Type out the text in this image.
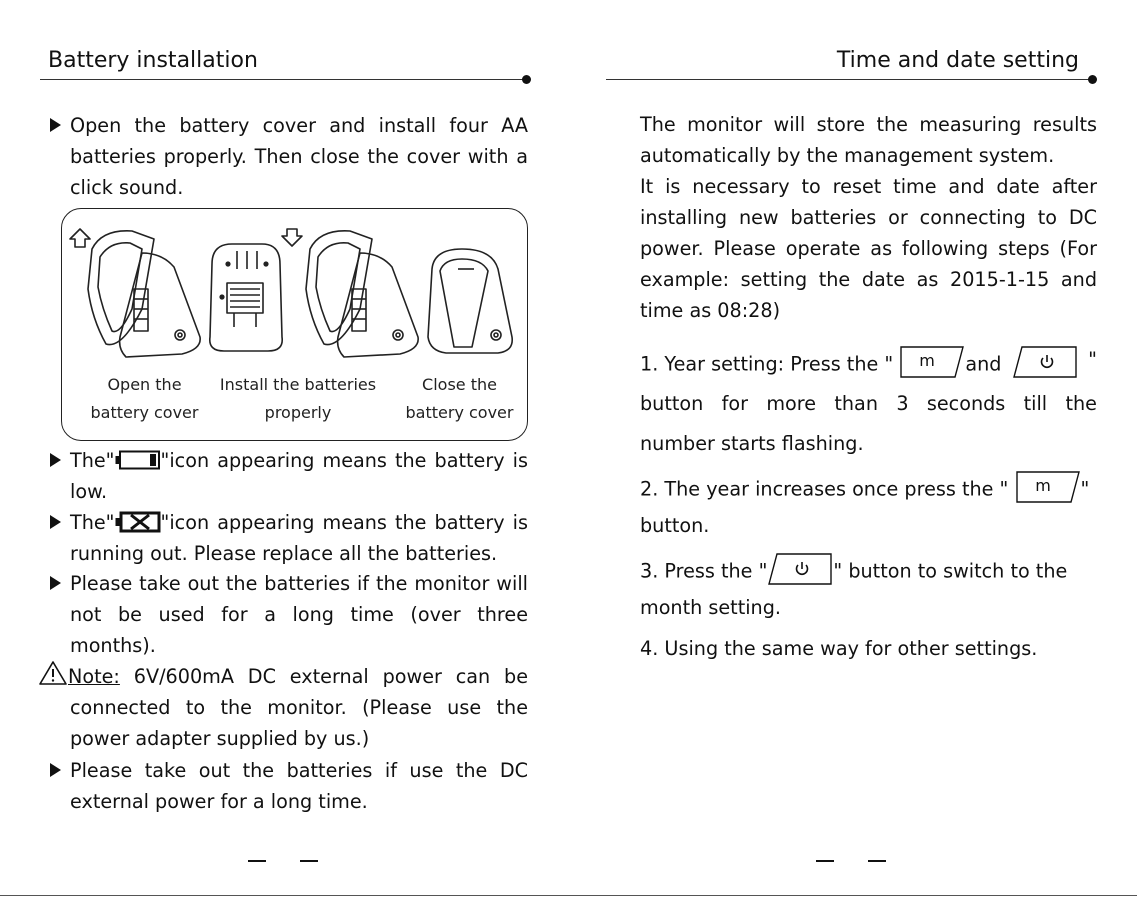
Battery installation
Open the battery cover and install four AA batteries properly. Then close the cover with a click sound.
Open the
battery cover
Install the batteries
properly
Close the
battery cover
The" "icon appearing means the battery is low.
The" "icon appearing means the battery is running out. Please replace all the batteries.
Please take out the batteries if the monitor will not be used for a long time (over three months).
Note: 6V/600mA DC external power can be connected to the monitor. (Please use the power adapter supplied by us.)
Please take out the batteries if use the DC external power for a long time.
Time and date setting
The monitor will store the measuring results automatically by the management system.
It is necessary to reset time and date after installing new batteries or connecting to DC power. Please operate as following steps (For example: setting the date as 2015-1-15 and time as 08:28)
1. Year setting: Press the " m and	"
button for more than 3 seconds till the
number starts flashing.
2. The year increases once press the " m "
button.
3. Press the "	" button to switch to the
month setting.
4. Using the same way for other settings.
